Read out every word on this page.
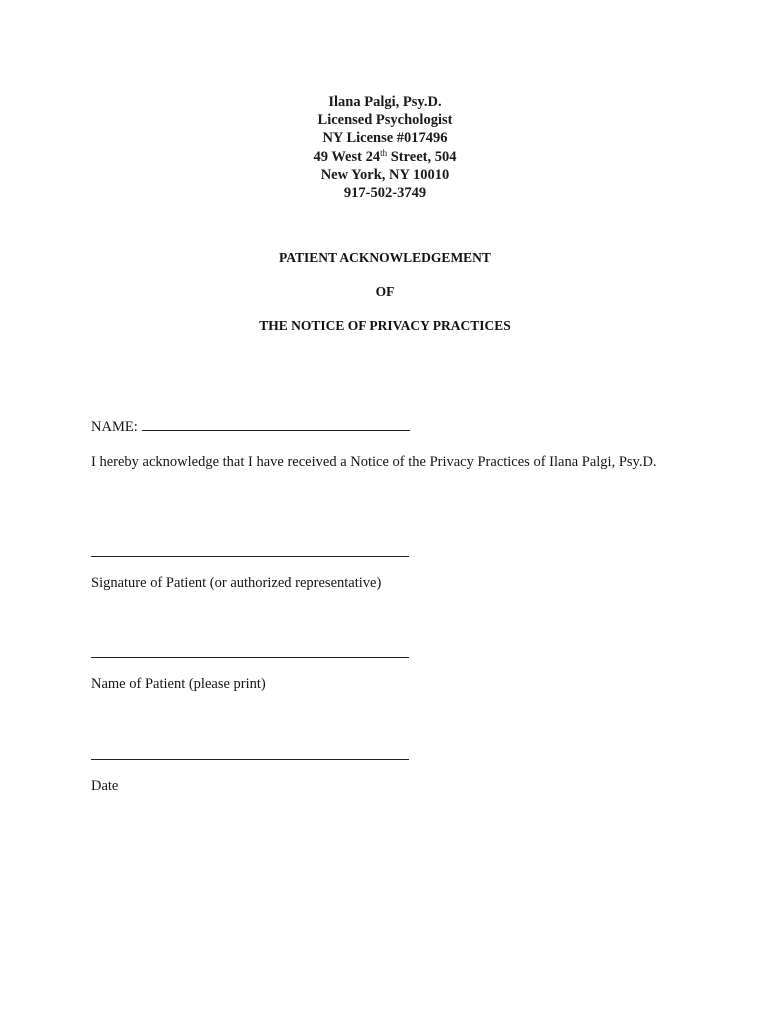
Ilana Palgi, Psy.D.
Licensed Psychologist
NY License #017496
49 West 24th Street, 504
New York, NY 10010
917-502-3749
PATIENT ACKNOWLEDGEMENT
OF
THE NOTICE OF PRIVACY PRACTICES
NAME:
I hereby acknowledge that I have received a Notice of the Privacy Practices of Ilana Palgi, Psy.D.
Signature of Patient (or authorized representative)
Name of Patient (please print)
Date
